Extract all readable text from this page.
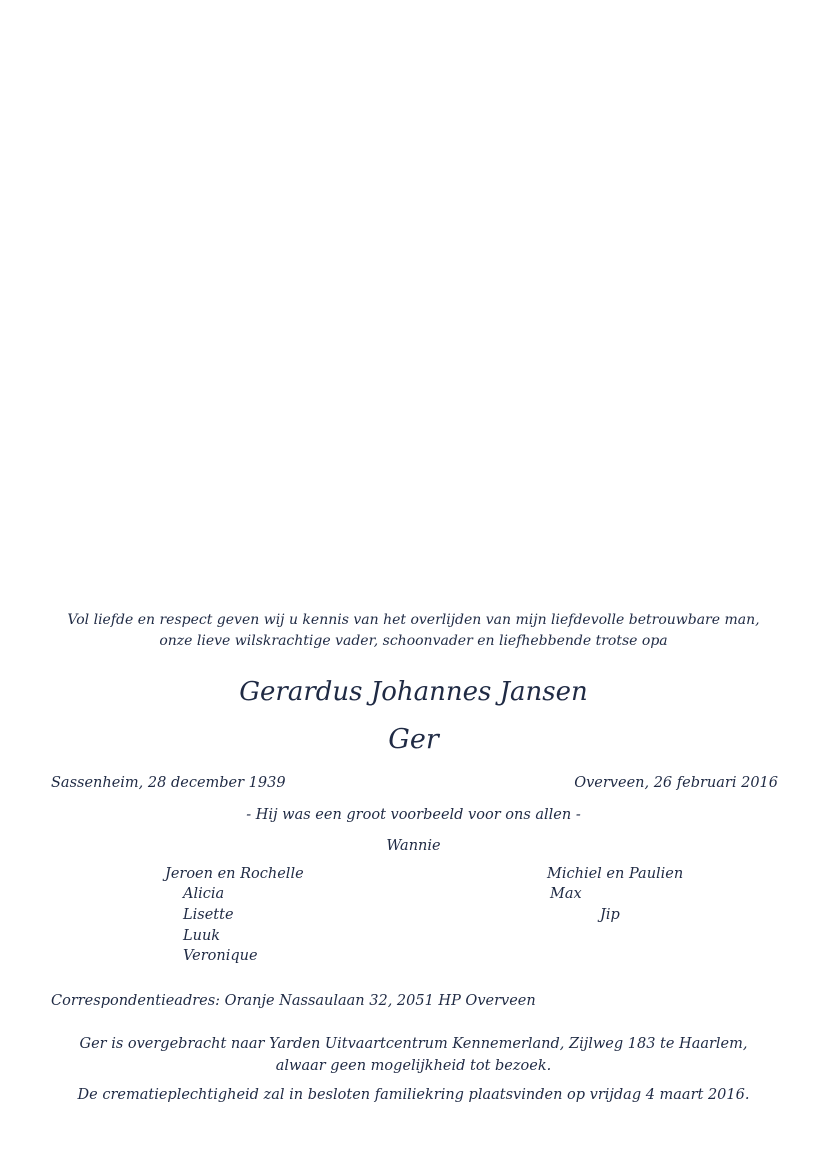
Vol liefde en respect geven wij u kennis van het overlijden van mijn liefdevolle betrouwbare man,
onze lieve wilskrachtige vader, schoonvader en liefhebbende trotse opa
Gerardus Johannes Jansen
Ger
Sassenheim, 28 december 1939	Overveen, 26 februari 2016
- Hij was een groot voorbeeld voor ons allen -
Wannie
Jeroen en Rochelle
Alicia
Lisette
Luuk
Veronique
Michiel en Paulien
Max
Jip
Correspondentieadres: Oranje Nassaulaan 32, 2051 HP Overveen
Ger is overgebracht naar Yarden Uitvaartcentrum Kennemerland, Zijlweg 183 te Haarlem,
alwaar geen mogelijkheid tot bezoek.
De crematieplechtigheid zal in besloten familiekring plaatsvinden op vrijdag 4 maart 2016.
